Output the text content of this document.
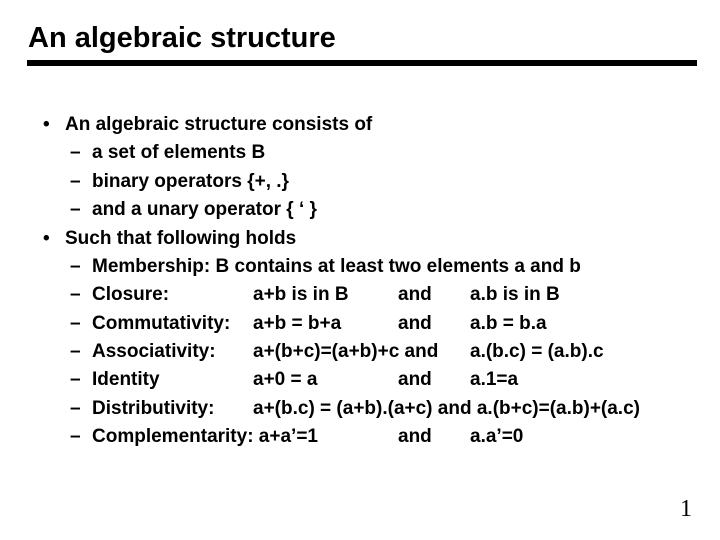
An algebraic structure
• An algebraic structure consists of
– a set of elements B
– binary operators {+, .}
– and a unary operator { ‘ }
• Such that following holds
– Membership: B contains at least two elements a and b
– Closure:	a+b is in B	and a.b is in B
– Commutativity: a+b = b+a	and a.b = b.a
– Associativity: a+(b+c)=(a+b)+c and a.(b.c) = (a.b).c
– Identity	a+0 = a	and a.1=a
– Distributivity: a+(b.c) = (a+b).(a+c) and a.(b+c)=(a.b)+(a.c)
– Complementarity: a+a’=1	and a.a’=0
1
